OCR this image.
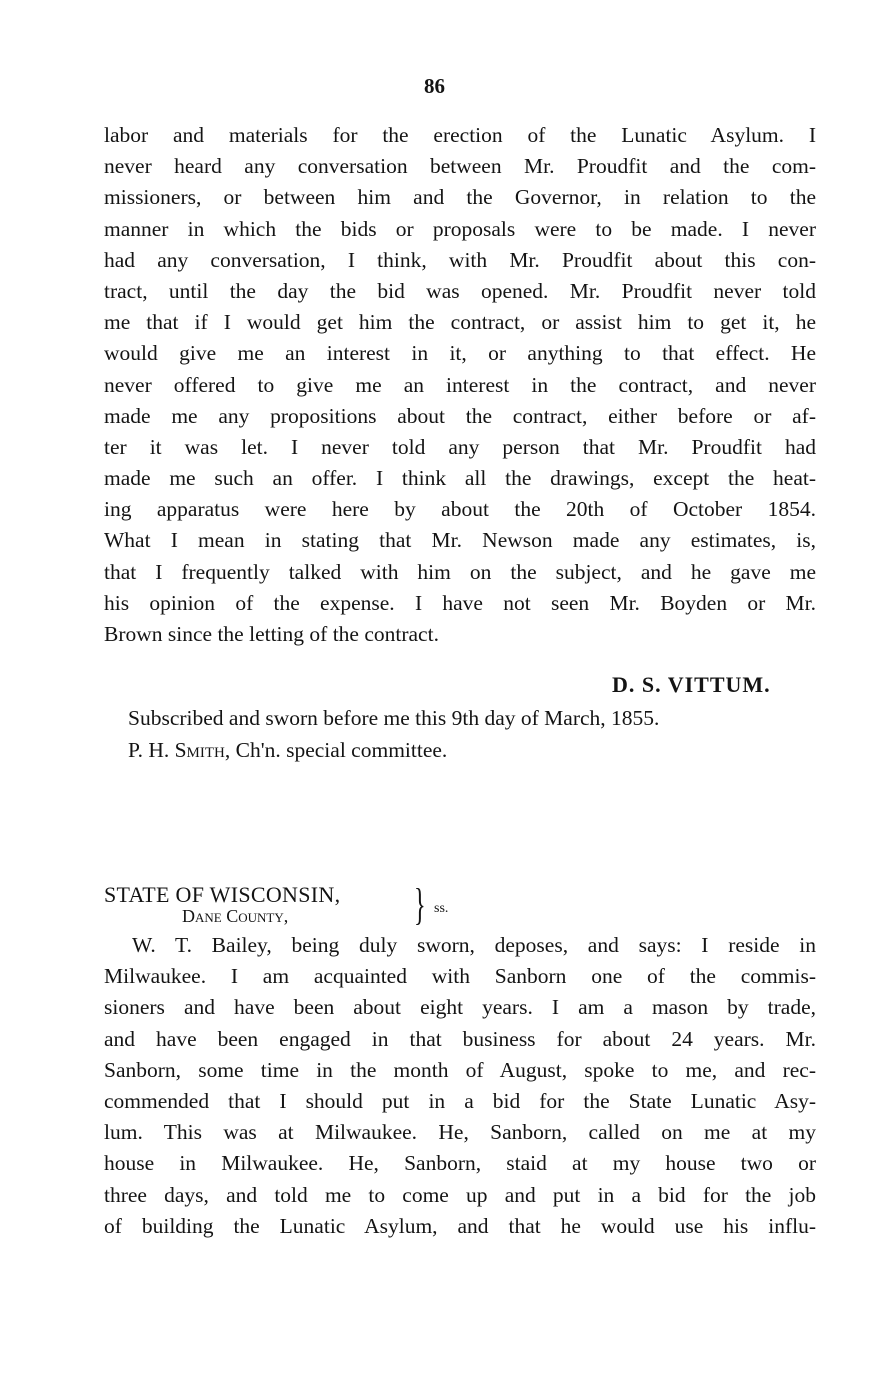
86
labor and materials for the erection of the Lunatic Asylum. I
never heard any conversation between Mr. Proudfit and the com-
missioners, or between him and the Governor, in relation to the
manner in which the bids or proposals were to be made. I never
had any conversation, I think, with Mr. Proudfit about this con-
tract, until the day the bid was opened. Mr. Proudfit never told
me that if I would get him the contract, or assist him to get it, he
would give me an interest in it, or anything to that effect. He
never offered to give me an interest in the contract, and never
made me any propositions about the contract, either before or af-
ter it was let. I never told any person that Mr. Proudfit had
made me such an offer. I think all the drawings, except the heat-
ing apparatus were here by about the 20th of October 1854.
What I mean in stating that Mr. Newson made any estimates, is,
that I frequently talked with him on the subject, and he gave me
his opinion of the expense. I have not seen Mr. Boyden or Mr.
Brown since the letting of the contract.
D. S. VITTUM.
Subscribed and sworn before me this 9th day of March, 1855.
P. H. Smith, Ch'n. special committee.
STATE OF WISCONSIN,
Dane County,	} ss.
W. T. Bailey, being duly sworn, deposes, and says: I reside in
Milwaukee. I am acquainted with Sanborn one of the commis-
sioners and have been about eight years. I am a mason by trade,
and have been engaged in that business for about 24 years. Mr.
Sanborn, some time in the month of August, spoke to me, and rec-
commended that I should put in a bid for the State Lunatic Asy-
lum. This was at Milwaukee. He, Sanborn, called on me at my
house in Milwaukee. He, Sanborn, staid at my house two or
three days, and told me to come up and put in a bid for the job
of building the Lunatic Asylum, and that he would use his influ-
